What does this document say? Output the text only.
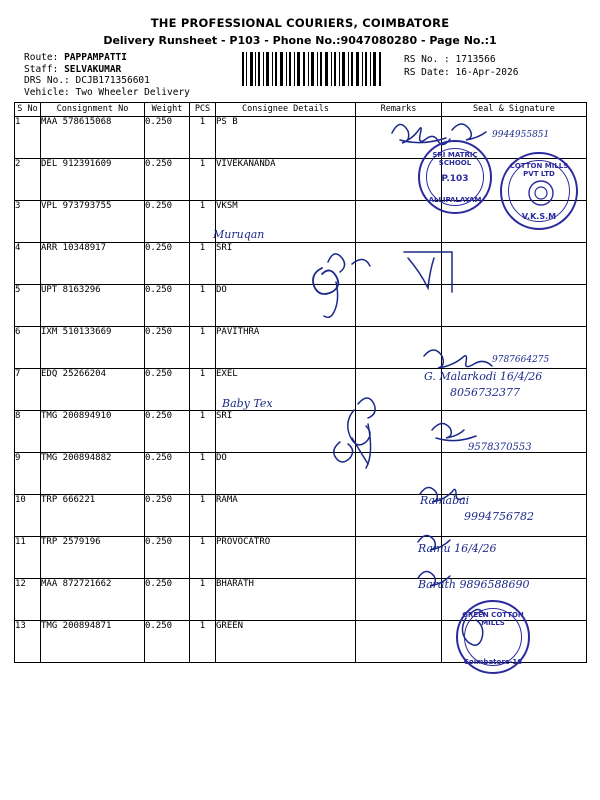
THE PROFESSIONAL COURIERS, COIMBATORE
Delivery Runsheet - P103 - Phone No.:9047080280 - Page No.:1
Route: PAPPAMPATTI
Staff: SELVAKUMAR
DRS No.: DCJB171356601
Vehicle: Two Wheeler Delivery
RS No. : 1713566
RS Date: 16-Apr-2026
S No	Consignment No	Weight	PCS	Consignee Details	Remarks	Seal & Signature
1	MAA 578615068	0.250	1	PS B		
2	DEL 912391609	0.250	1	VIVEKANANDA		
3	VPL 973793755	0.250	1	VKSM		
4	ARR 10348917	0.250	1	SRI		
5	UPT 8163296	0.250	1	DO		
6	IXM 510133669	0.250	1	PAVITHRA		
7	EDQ 25266204	0.250	1	EXEL		
8	TMG 200894910	0.250	1	SRI		
9	TMG 200894882	0.250	1	DO		
10	TRP 666221	0.250	1	RAMA		
11	TRP 2579196	0.250	1	PROVOCATRO		
12	MAA 872721662	0.250	1	BHARATH		
13	TMG 200894871	0.250	1	GREEN		
SRI MATRIC SCHOOL
P.103
ALLIPALAYAM
COTTON MILLS PVT LTD
V.K.S.M
GREEN COTTON MILLS
Coimbatore-16
9944955851
Muruqan
9787664275
G. Malarkodi 16/4/26
8056732377
Baby Tex
9578370553
Ramabai
9994756782
Ramu 16/4/26
Barath 9896588690
